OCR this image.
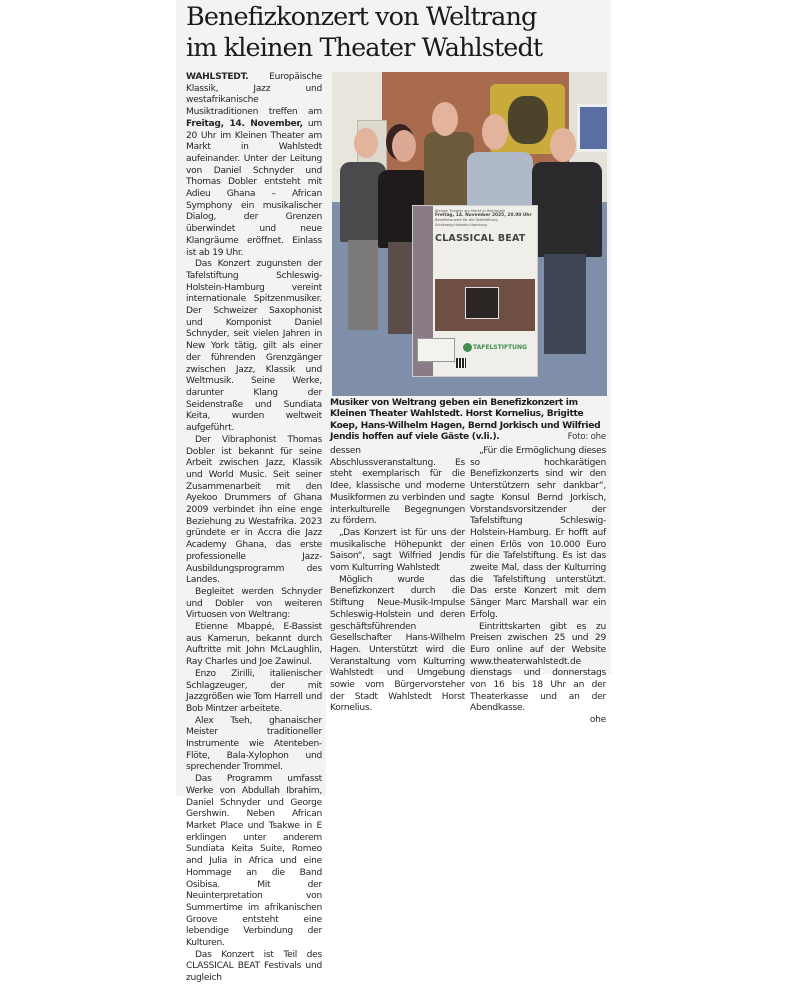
Benefizkonzert von Weltrang
im kleinen Theater Wahlstedt

WAHLSTEDT. Europäische Klassik, Jazz und westafrikanische Musiktraditionen treffen am Freitag, 14. November, um 20 Uhr im Kleinen Theater am Markt in Wahlstedt aufeinander. Unter der Leitung von Daniel Schnyder und Thomas Dobler entsteht mit Adieu Ghana – African Symphony ein musikalischer Dialog, der Grenzen überwindet und neue Klangräume eröffnet. Einlass ist ab 19 Uhr.

Das Konzert zugunsten der Tafelstiftung Schleswig-Holstein-Hamburg vereint internationale Spitzenmusiker. Der Schweizer Saxophonist und Komponist Daniel Schnyder, seit vielen Jahren in New York tätig, gilt als einer der führenden Grenzgänger zwischen Jazz, Klassik und Weltmusik. Seine Werke, darunter Klang der Seidenstraße und Sundiata Keita, wurden weltweit aufgeführt.

Der Vibraphonist Thomas Dobler ist bekannt für seine Arbeit zwischen Jazz, Klassik und World Music. Seit seiner Zusammenarbeit mit den Ayekoo Drummers of Ghana 2009 verbindet ihn eine enge Beziehung zu Westafrika. 2023 gründete er in Accra die Jazz Academy Ghana, das erste professionelle Jazz-Ausbildungsprogramm des Landes.

Begleitet werden Schnyder und Dobler von weiteren Virtuosen von Weltrang:

Etienne Mbappé, E-Bassist aus Kamerun, bekannt durch Auftritte mit John McLaughlin, Ray Charles und Joe Zawinul.

Enzo Zirilli, italienischer Schlagzeuger, der mit Jazzgrößen wie Tom Harrell und Bob Mintzer arbeitete.

Alex Tseh, ghanaischer Meister traditioneller Instrumente wie Atenteben-Flöte, Bala-Xylophon und sprechender Trommel.

Das Programm umfasst Werke von Abdullah Ibrahim, Daniel Schnyder und George Gershwin. Neben African Market Place und Tsakwe in E erklingen unter anderem Sundiata Keita Suite, Romeo and Julia in Africa und eine Hommage an die Band Osibisa. Mit der Neuinterpretation von Summertime im afrikanischen Groove entsteht eine lebendige Verbindung der Kulturen.

Das Konzert ist Teil des CLASSICAL BEAT Festivals und zugleich

Kleines Theater am Markt in Wahlstedt
Freitag, 14. November 2025, 20.00 Uhr
Benefizkonzert für die Tafelstiftung
Schleswig-Holstein-Hamburg
CLASSICAL BEAT
TAFELSTIFTUNG
Musiker von Weltrang geben ein Benefizkonzert im Kleinen Theater Wahlstedt. Horst Kornelius, Brigitte Koep, Hans-Wilhelm Hagen, Bernd Jorkisch und Wilfried Jendis hoffen auf viele Gäste (v.li.).	Foto: ohe

dessen Abschlussveranstaltung. Es steht exemplarisch für die Idee, klassische und moderne Musikformen zu verbinden und interkulturelle Begegnungen zu fördern.

„Das Konzert ist für uns der musikalische Höhepunkt der Saison“, sagt Wilfried Jendis vom Kulturring Wahlstedt

Möglich wurde das Benefizkonzert durch die Stiftung Neue-Musik-Impulse Schleswig-Holstein und deren geschäftsführenden Gesellschafter Hans-Wilhelm Hagen. Unterstützt wird die Veranstaltung vom Kulturring Wahlstedt und Umgebung sowie vom Bürgervorsteher der Stadt Wahlstedt Horst Kornelius.

„Für die Ermöglichung dieses so hochkarätigen Benefizkonzerts sind wir den Unterstützern sehr dankbar“, sagte Konsul Bernd Jorkisch, Vorstandsvorsitzender der Tafelstiftung Schleswig-Holstein-Hamburg. Er hofft auf einen Erlös von 10.000 Euro für die Tafelstiftung. Es ist das zweite Mal, dass der Kulturring die Tafelstiftung unterstützt. Das erste Konzert mit dem Sänger Marc Marshall war ein Erfolg.

Eintrittskarten gibt es zu Preisen zwischen 25 und 29 Euro online auf der Website www.theaterwahlstedt.de dienstags und donnerstags von 16 bis 18 Uhr an der Theaterkasse und an der Abendkasse.

ohe
